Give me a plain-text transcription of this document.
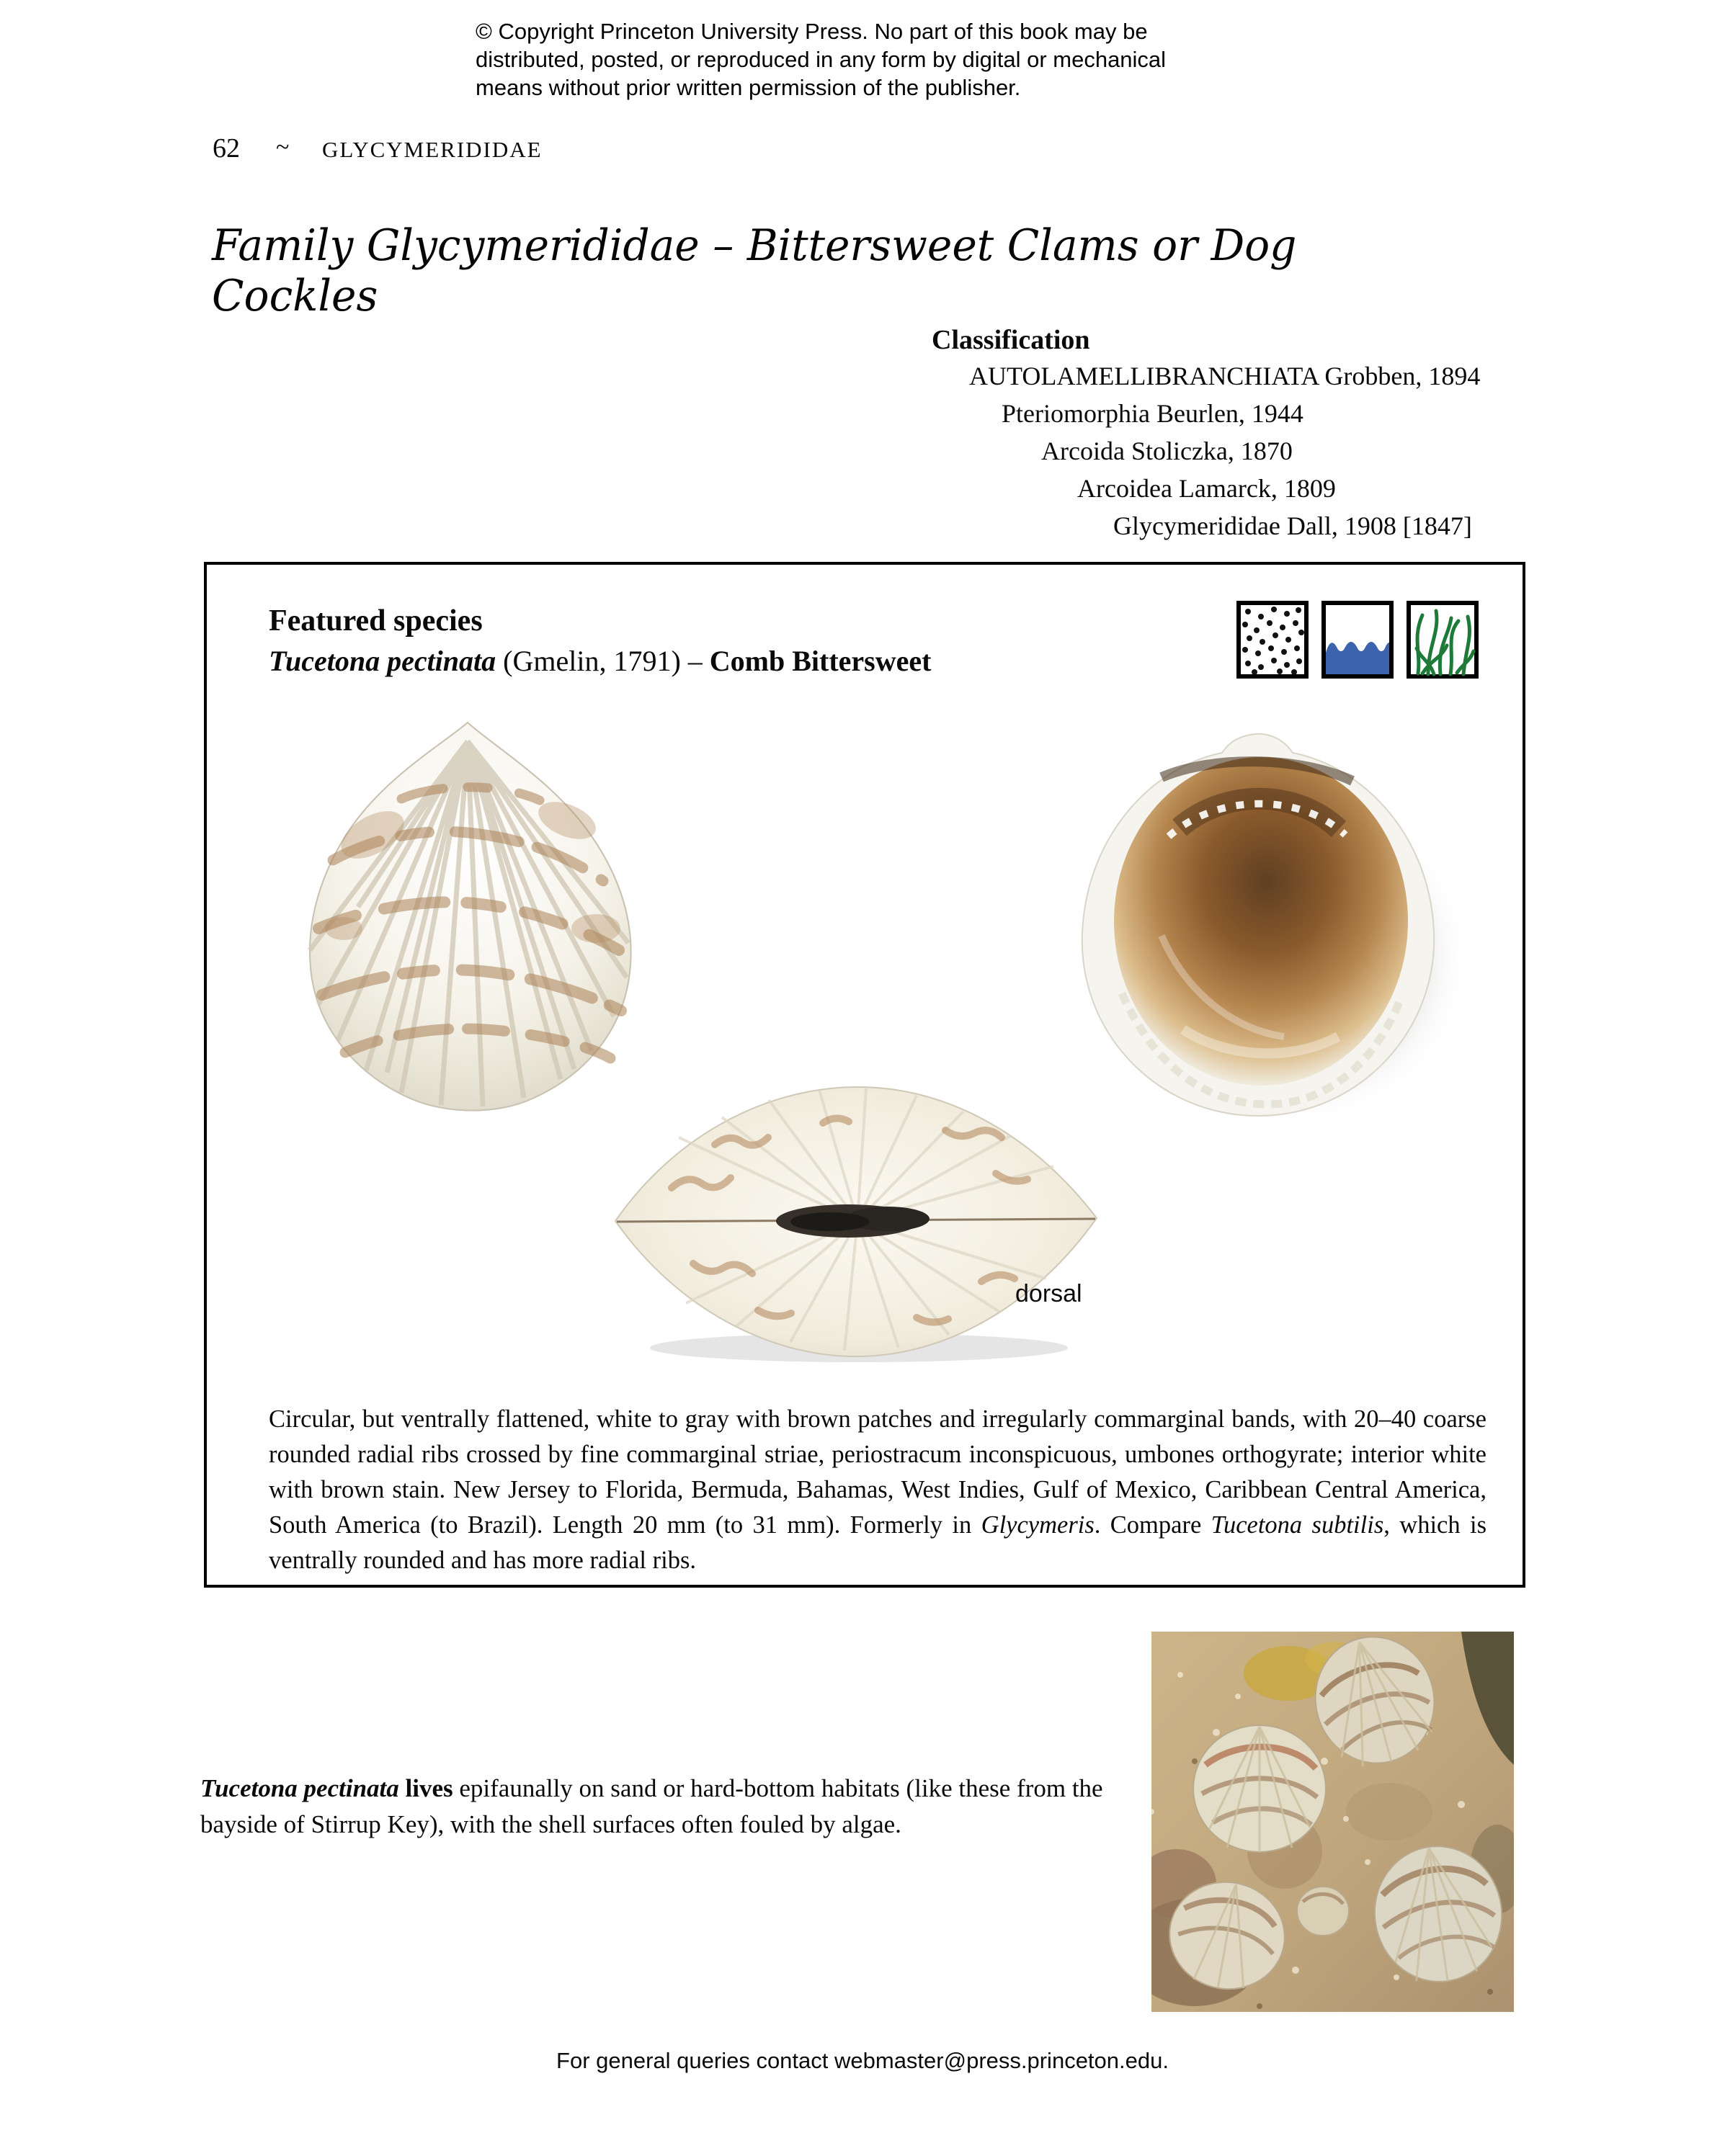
© Copyright Princeton University Press. No part of this book may be
distributed, posted, or reproduced in any form by digital or mechanical
means without prior written permission of the publisher.
62 ~ GLYCYMERIDIDAE
Family Glycymerididae – Bittersweet Clams or Dog Cockles
Classification
AUTOLAMELLIBRANCHIATA Grobben, 1894
Pteriomorphia Beurlen, 1944
Arcoida Stoliczka, 1870
Arcoidea Lamarck, 1809
Glycymerididae Dall, 1908 [1847]
Featured species
Tucetona pectinata (Gmelin, 1791) – Comb Bittersweet
dorsal
Circular, but ventrally flattened, white to gray with brown patches and irregularly commarginal bands, with 20–40 coarse rounded radial ribs crossed by fine commarginal striae, periostracum inconspicuous, umbones orthogyrate; interior white with brown stain. New Jersey to Florida, Bermuda, Bahamas, West Indies, Gulf of Mexico, Caribbean Central America, South America (to Brazil). Length 20 mm (to 31 mm). Formerly in Glycymeris. Compare Tucetona subtilis, which is ventrally rounded and has more radial ribs.
Tucetona pectinata lives epifaunally on sand or hard-bottom habitats (like these from the bayside of Stirrup Key), with the shell surfaces often fouled by algae.
For general queries contact webmaster@press.princeton.edu.
